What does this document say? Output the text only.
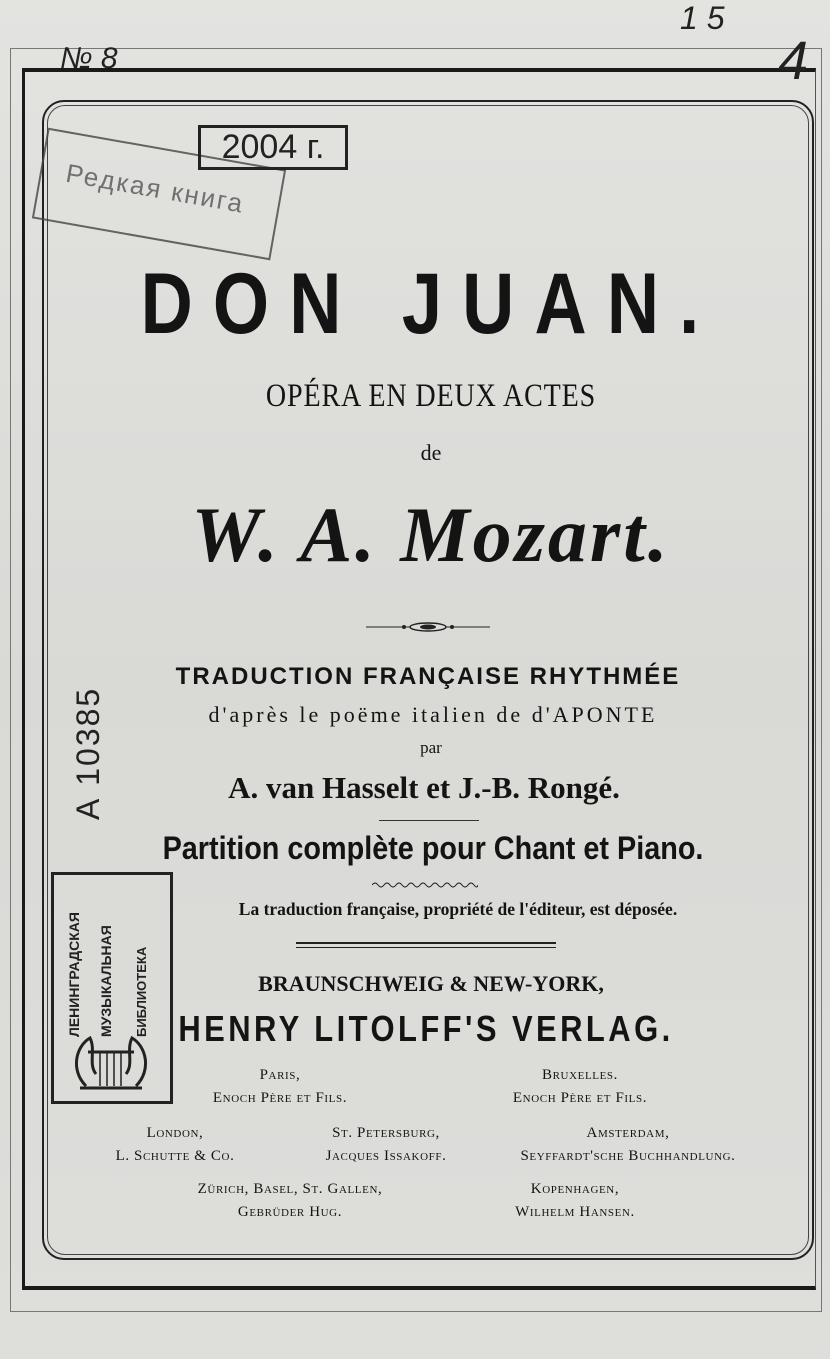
№ 8
1 5
4
Редкая книга
2004 г.
DON JUAN.
OPÉRA EN DEUX ACTES
de
W. A. Mozart.
TRADUCTION FRANÇAISE RHYTHMÉE
d'après le poëme italien de d'APONTE
par
A. van Hasselt et J.-B. Rongé.
Partition complète pour Chant et Piano.
La traduction française, propriété de l'éditeur, est déposée.
BRAUNSCHWEIG & NEW-YORK,
HENRY LITOLFF'S VERLAG.
Paris,
Enoch Père et Fils.
Bruxelles.
Enoch Père et Fils.
London,
L. Schutte & Co.
St. Petersburg,
Jacques Issakoff.
Amsterdam,
Seyffardt'sche Buchhandlung.
Zürich, Basel, St. Gallen,
Gebrüder Hug.
Kopenhagen,
Wilhelm Hansen.
А 10385
ЛЕНИНГРАДСКАЯ МУЗЫКАЛЬНАЯ БИБЛИОТЕКА
